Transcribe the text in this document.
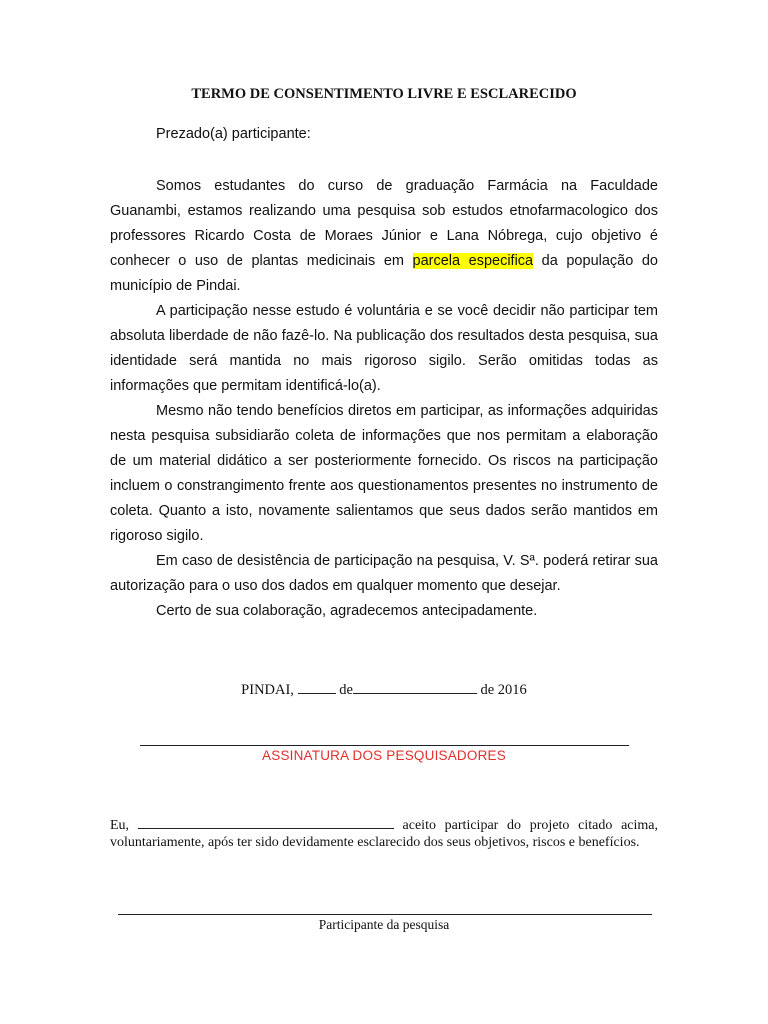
TERMO DE CONSENTIMENTO LIVRE E ESCLARECIDO
Prezado(a) participante:

Somos estudantes do curso de graduação Farmácia na Faculdade Guanambi, estamos realizando uma pesquisa sob estudos etnofarmacologico dos professores Ricardo Costa de Moraes Júnior e Lana Nóbrega, cujo objetivo é conhecer o uso de plantas medicinais em parcela especifica da população do município de Pindai.

A participação nesse estudo é voluntária e se você decidir não participar tem absoluta liberdade de não fazê-lo. Na publicação dos resultados desta pesquisa, sua identidade será mantida no mais rigoroso sigilo. Serão omitidas todas as informações que permitam identificá-lo(a).

Mesmo não tendo benefícios diretos em participar, as informações adquiridas nesta pesquisa subsidiarão coleta de informações que nos permitam a elaboração de um material didático a ser posteriormente fornecido. Os riscos na participação incluem o constrangimento frente aos questionamentos presentes no instrumento de coleta. Quanto a isto, novamente salientamos que seus dados serão mantidos em rigoroso sigilo.

Em caso de desistência de participação na pesquisa, V. Sª. poderá retirar sua autorização para o uso dos dados em qualquer momento que desejar.

Certo de sua colaboração, agradecemos antecipadamente.

PINDAI,	de	de 2016
ASSINATURA DOS PESQUISADORES
Eu,	aceito participar do projeto citado acima, voluntariamente, após ter sido devidamente esclarecido dos seus objetivos, riscos e benefícios.
Participante da pesquisa
